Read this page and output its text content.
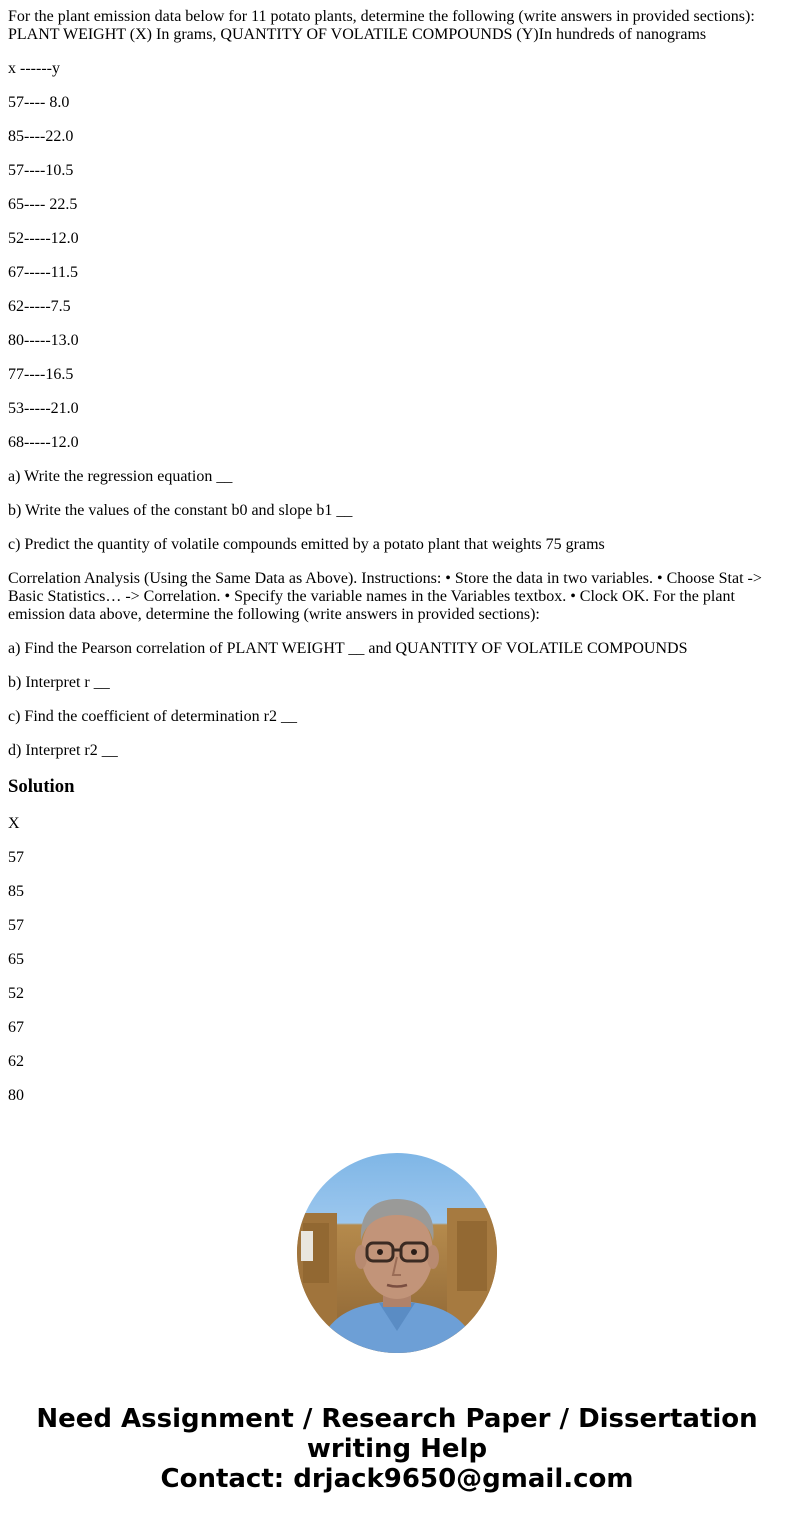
For the plant emission data below for 11 potato plants, determine the following (write answers in provided sections): PLANT WEIGHT (X) In grams, QUANTITY OF VOLATILE COMPOUNDS (Y)In hundreds of nanograms

x ------y

57---- 8.0

85----22.0

57----10.5

65---- 22.5

52-----12.0

67-----11.5

62-----7.5

80-----13.0

77----16.5

53-----21.0

68-----12.0

a) Write the regression equation __

b) Write the values of the constant b0 and slope b1 __

c) Predict the quantity of volatile compounds emitted by a potato plant that weights 75 grams

Correlation Analysis (Using the Same Data as Above). Instructions: • Store the data in two variables. • Choose Stat -> Basic Statistics… -> Correlation. • Specify the variable names in the Variables textbox. • Clock OK. For the plant emission data above, determine the following (write answers in provided sections):

a) Find the Pearson correlation of PLANT WEIGHT __ and QUANTITY OF VOLATILE COMPOUNDS

b) Interpret r __

c) Find the coefficient of determination r2 __

d) Interpret r2 __

Solution

X

57

85

57

65

52

67

62

80

Need Assignment / Research Paper / Dissertation
writing Help
Contact: drjack9650@gmail.com
